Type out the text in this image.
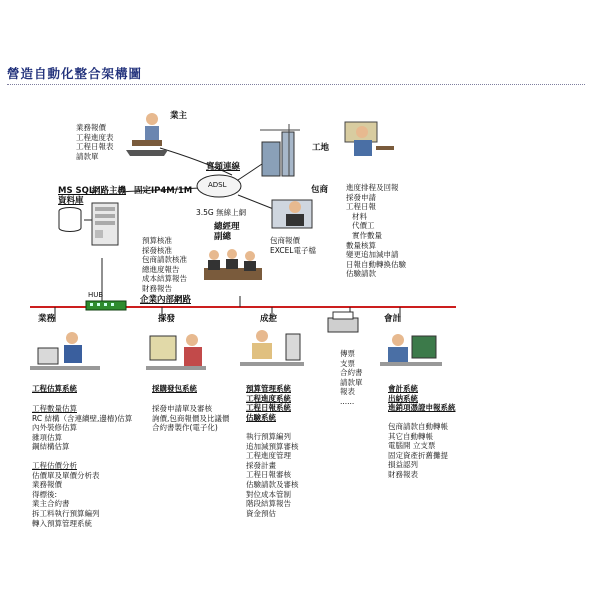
營造自動化整合架構圖
業主
業務報價
工程進度表
工程日報表
請款單
寬頻連線
固定IP4M/1M
ADSL
3.5G 無線上網
工地
進度排程及回報
採發申請
工程日報
材料
代價工
實作數量
數量核算
變更追加減申請
日報自動轉換估驗
估驗請款
包商
包商報價
EXCEL電子檔
MS SQL
資料庫
網路主機
預算核准
採發核准
包商請款核准
總進度報告
成本結算報告
財務報告
總經理
副總
HUB	企業內部網路
業務	採發	成控	會計
工程估算系統
工程數量估算
RC 結構（含連續壁,邊樁)估算
內外裝修估算
雜項估算
鋼結構估算
工程估價分析
估價單及單價分析表
業務報價
得標後:
業主合約書
拆工料執行預算編列
轉入預算管理系統
採購發包系統
採發申請單及審核
詢價,包商報價及比議價
合約書製作(電子化)
預算管理系統
工程進度系統
工程日報系統
估驗系統
執行預算編列
追加減預算審核
工程進度管理
採發計畫
工程日報審核
估驗請款及審核
對位成本管制
階段結算報告
資金預估
傳票
支票
合約書
請款單
報表
......
會計系統
出納系統
進銷項憑證申報系統
包商請款自動轉帳
其它自動轉帳
電腦開 立支票
固定資產折舊攤提
損益認列
財務報表
